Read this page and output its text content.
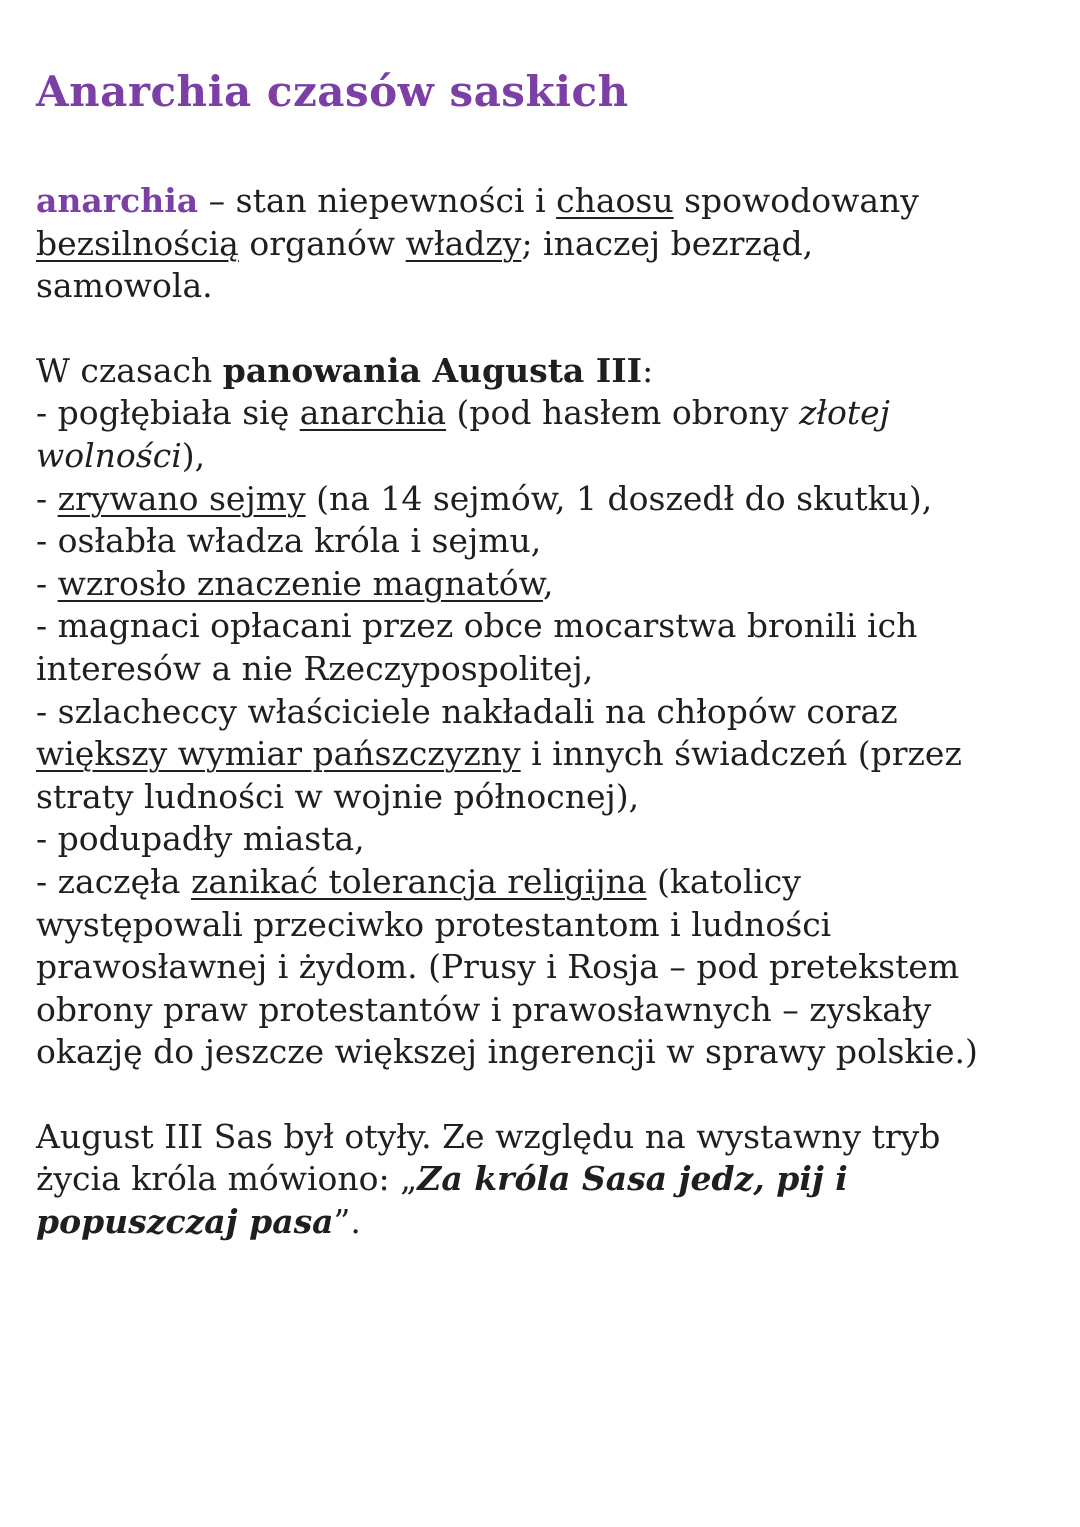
Anarchia czasów saskich
anarchia – stan niepewności i chaosu spowodowany
bezsilnością organów władzy; inaczej bezrząd,
samowola.
W czasach panowania Augusta III:
- pogłębiała się anarchia (pod hasłem obrony złotej
wolności),
- zrywano sejmy (na 14 sejmów, 1 doszedł do skutku),
- osłabła władza króla i sejmu,
- wzrosło znaczenie magnatów,
- magnaci opłacani przez obce mocarstwa bronili ich
interesów a nie Rzeczypospolitej,
- szlacheccy właściciele nakładali na chłopów coraz
większy wymiar pańszczyzny i innych świadczeń (przez
straty ludności w wojnie północnej),
- podupadły miasta,
- zaczęła zanikać tolerancja religijna (katolicy
występowali przeciwko protestantom i ludności
prawosławnej i żydom. (Prusy i Rosja – pod pretekstem
obrony praw protestantów i prawosławnych – zyskały
okazję do jeszcze większej ingerencji w sprawy polskie.)
August III Sas był otyły. Ze względu na wystawny tryb
życia króla mówiono: „Za króla Sasa jedz, pij i
popuszczaj pasa”.
